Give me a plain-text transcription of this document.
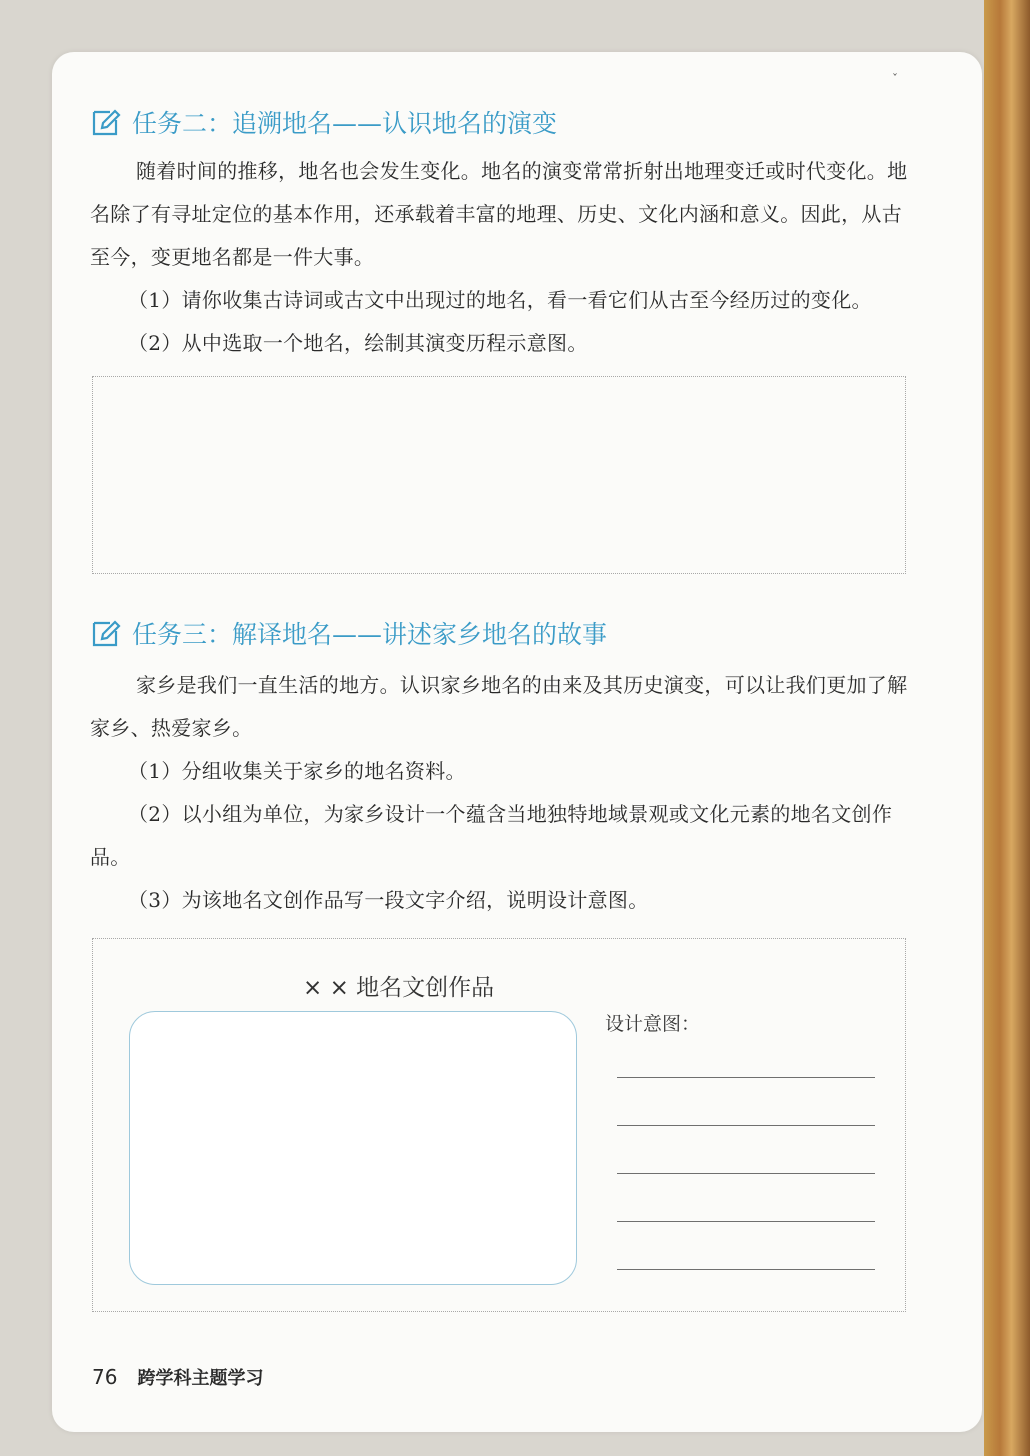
ˇ
任务二：追溯地名——认识地名的演变

随着时间的推移，地名也会发生变化。地名的演变常常折射出地理变迁或时代变化。地名除了有寻址定位的基本作用，还承载着丰富的地理、历史、文化内涵和意义。因此，从古至今，变更地名都是一件大事。

（1）请你收集古诗词或古文中出现过的地名，看一看它们从古至今经历过的变化。

（2）从中选取一个地名，绘制其演变历程示意图。

任务三：解译地名——讲述家乡地名的故事

家乡是我们一直生活的地方。认识家乡地名的由来及其历史演变，可以让我们更加了解家乡、热爱家乡。

（1）分组收集关于家乡的地名资料。

（2）以小组为单位，为家乡设计一个蕴含当地独特地域景观或文化元素的地名文创作品。

（3）为该地名文创作品写一段文字介绍，说明设计意图。

× × 地名文创作品
设计意图：
76 跨学科主题学习
